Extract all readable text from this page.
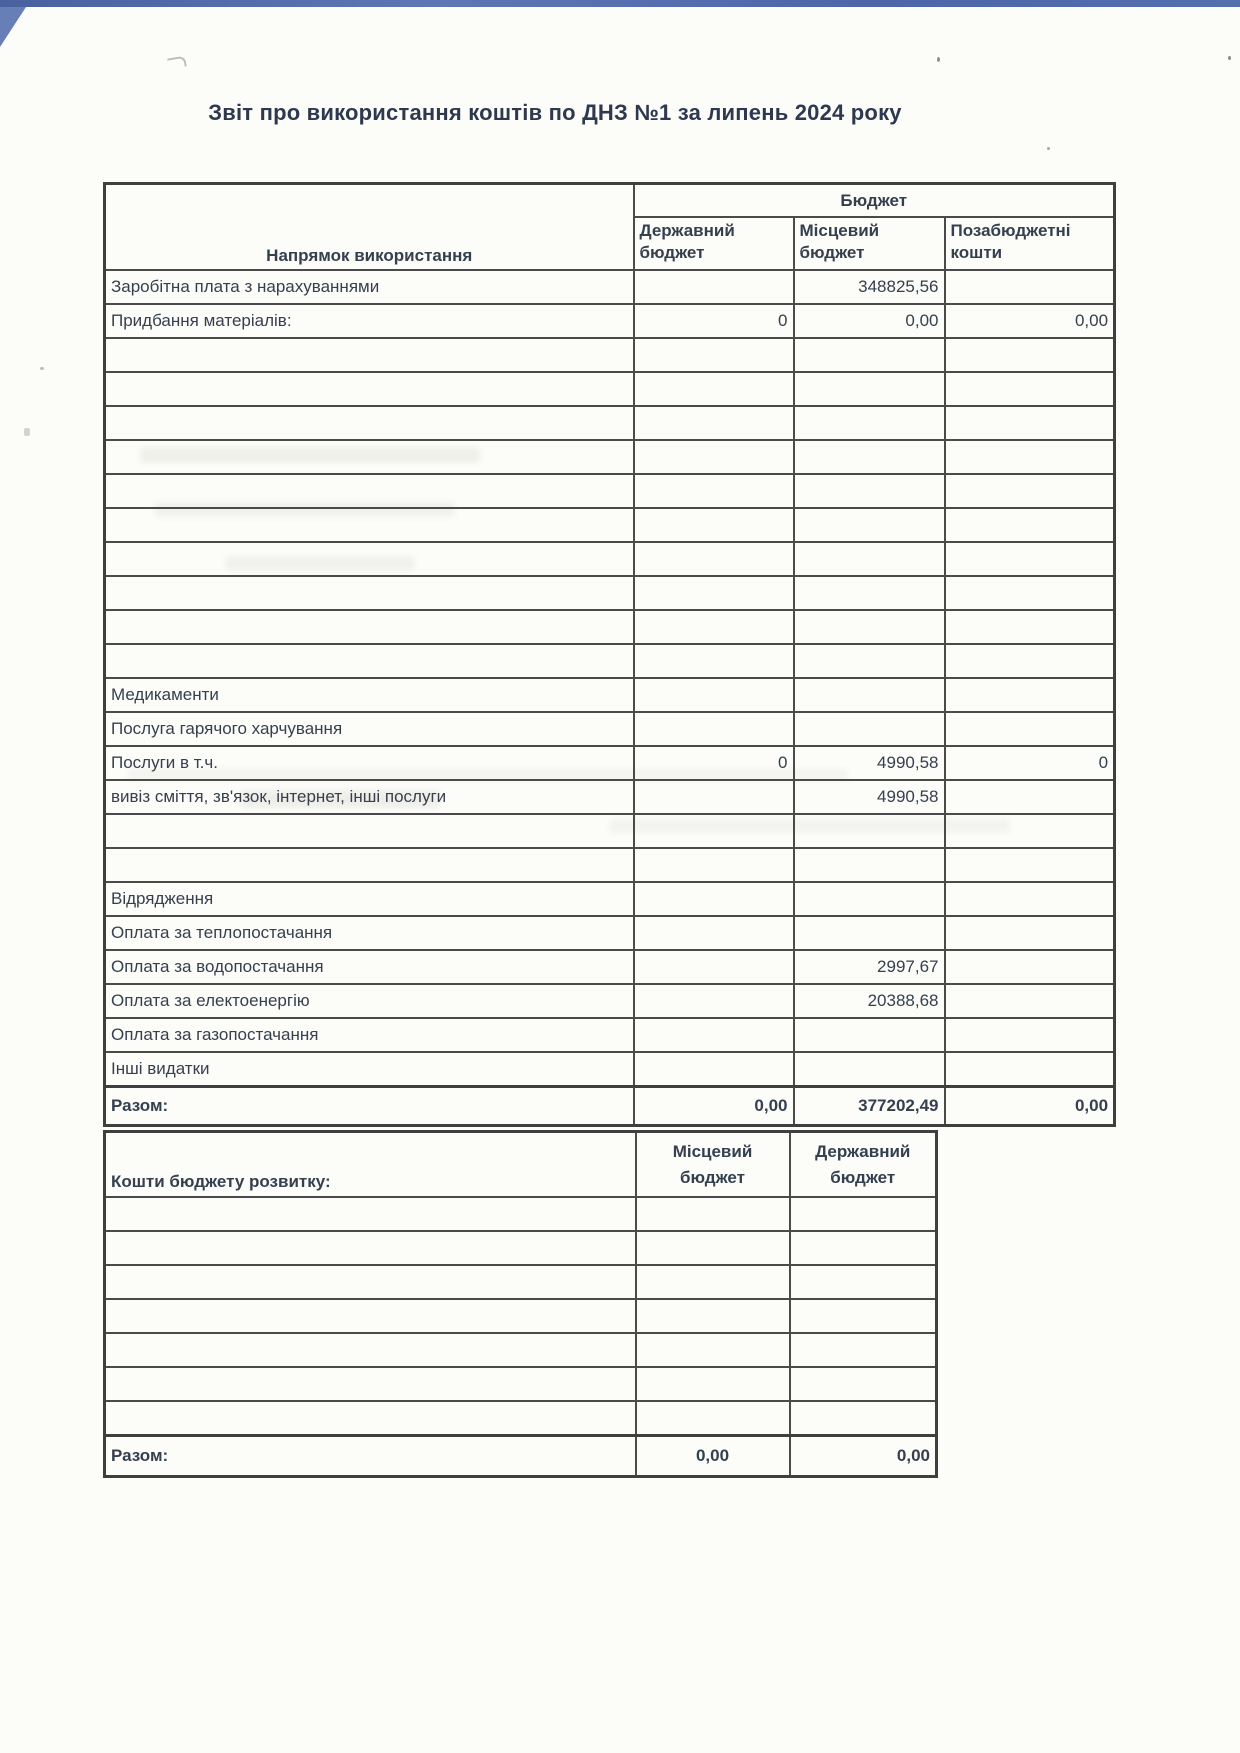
Звіт про використання коштів по ДНЗ №1 за липень 2024 року
Напрямок використання	Бюджет		
	Державний бюджет	Місцевий бюджет	Позабюджетні кошти
Заробітна плата з нарахуваннями		348825,56	
Придбання матеріалів:	0	0,00	0,00

Медикаменти			
Послуга гарячого харчування			
Послуги в т.ч.	0	4990,58	0
вивіз сміття, зв'язок, інтернет, інші послуги		4990,58	

Відрядження			
Оплата за теплопостачання			
Оплата за водопостачання		2997,67	
Оплата за електоенергію		20388,68	
Оплата за газопостачання			
Інші видатки			
Разом:	0,00	377202,49	0,00
Кошти бюджету розвитку:	Місцевий бюджет	Державний бюджет

Разом:	0,00	0,00
